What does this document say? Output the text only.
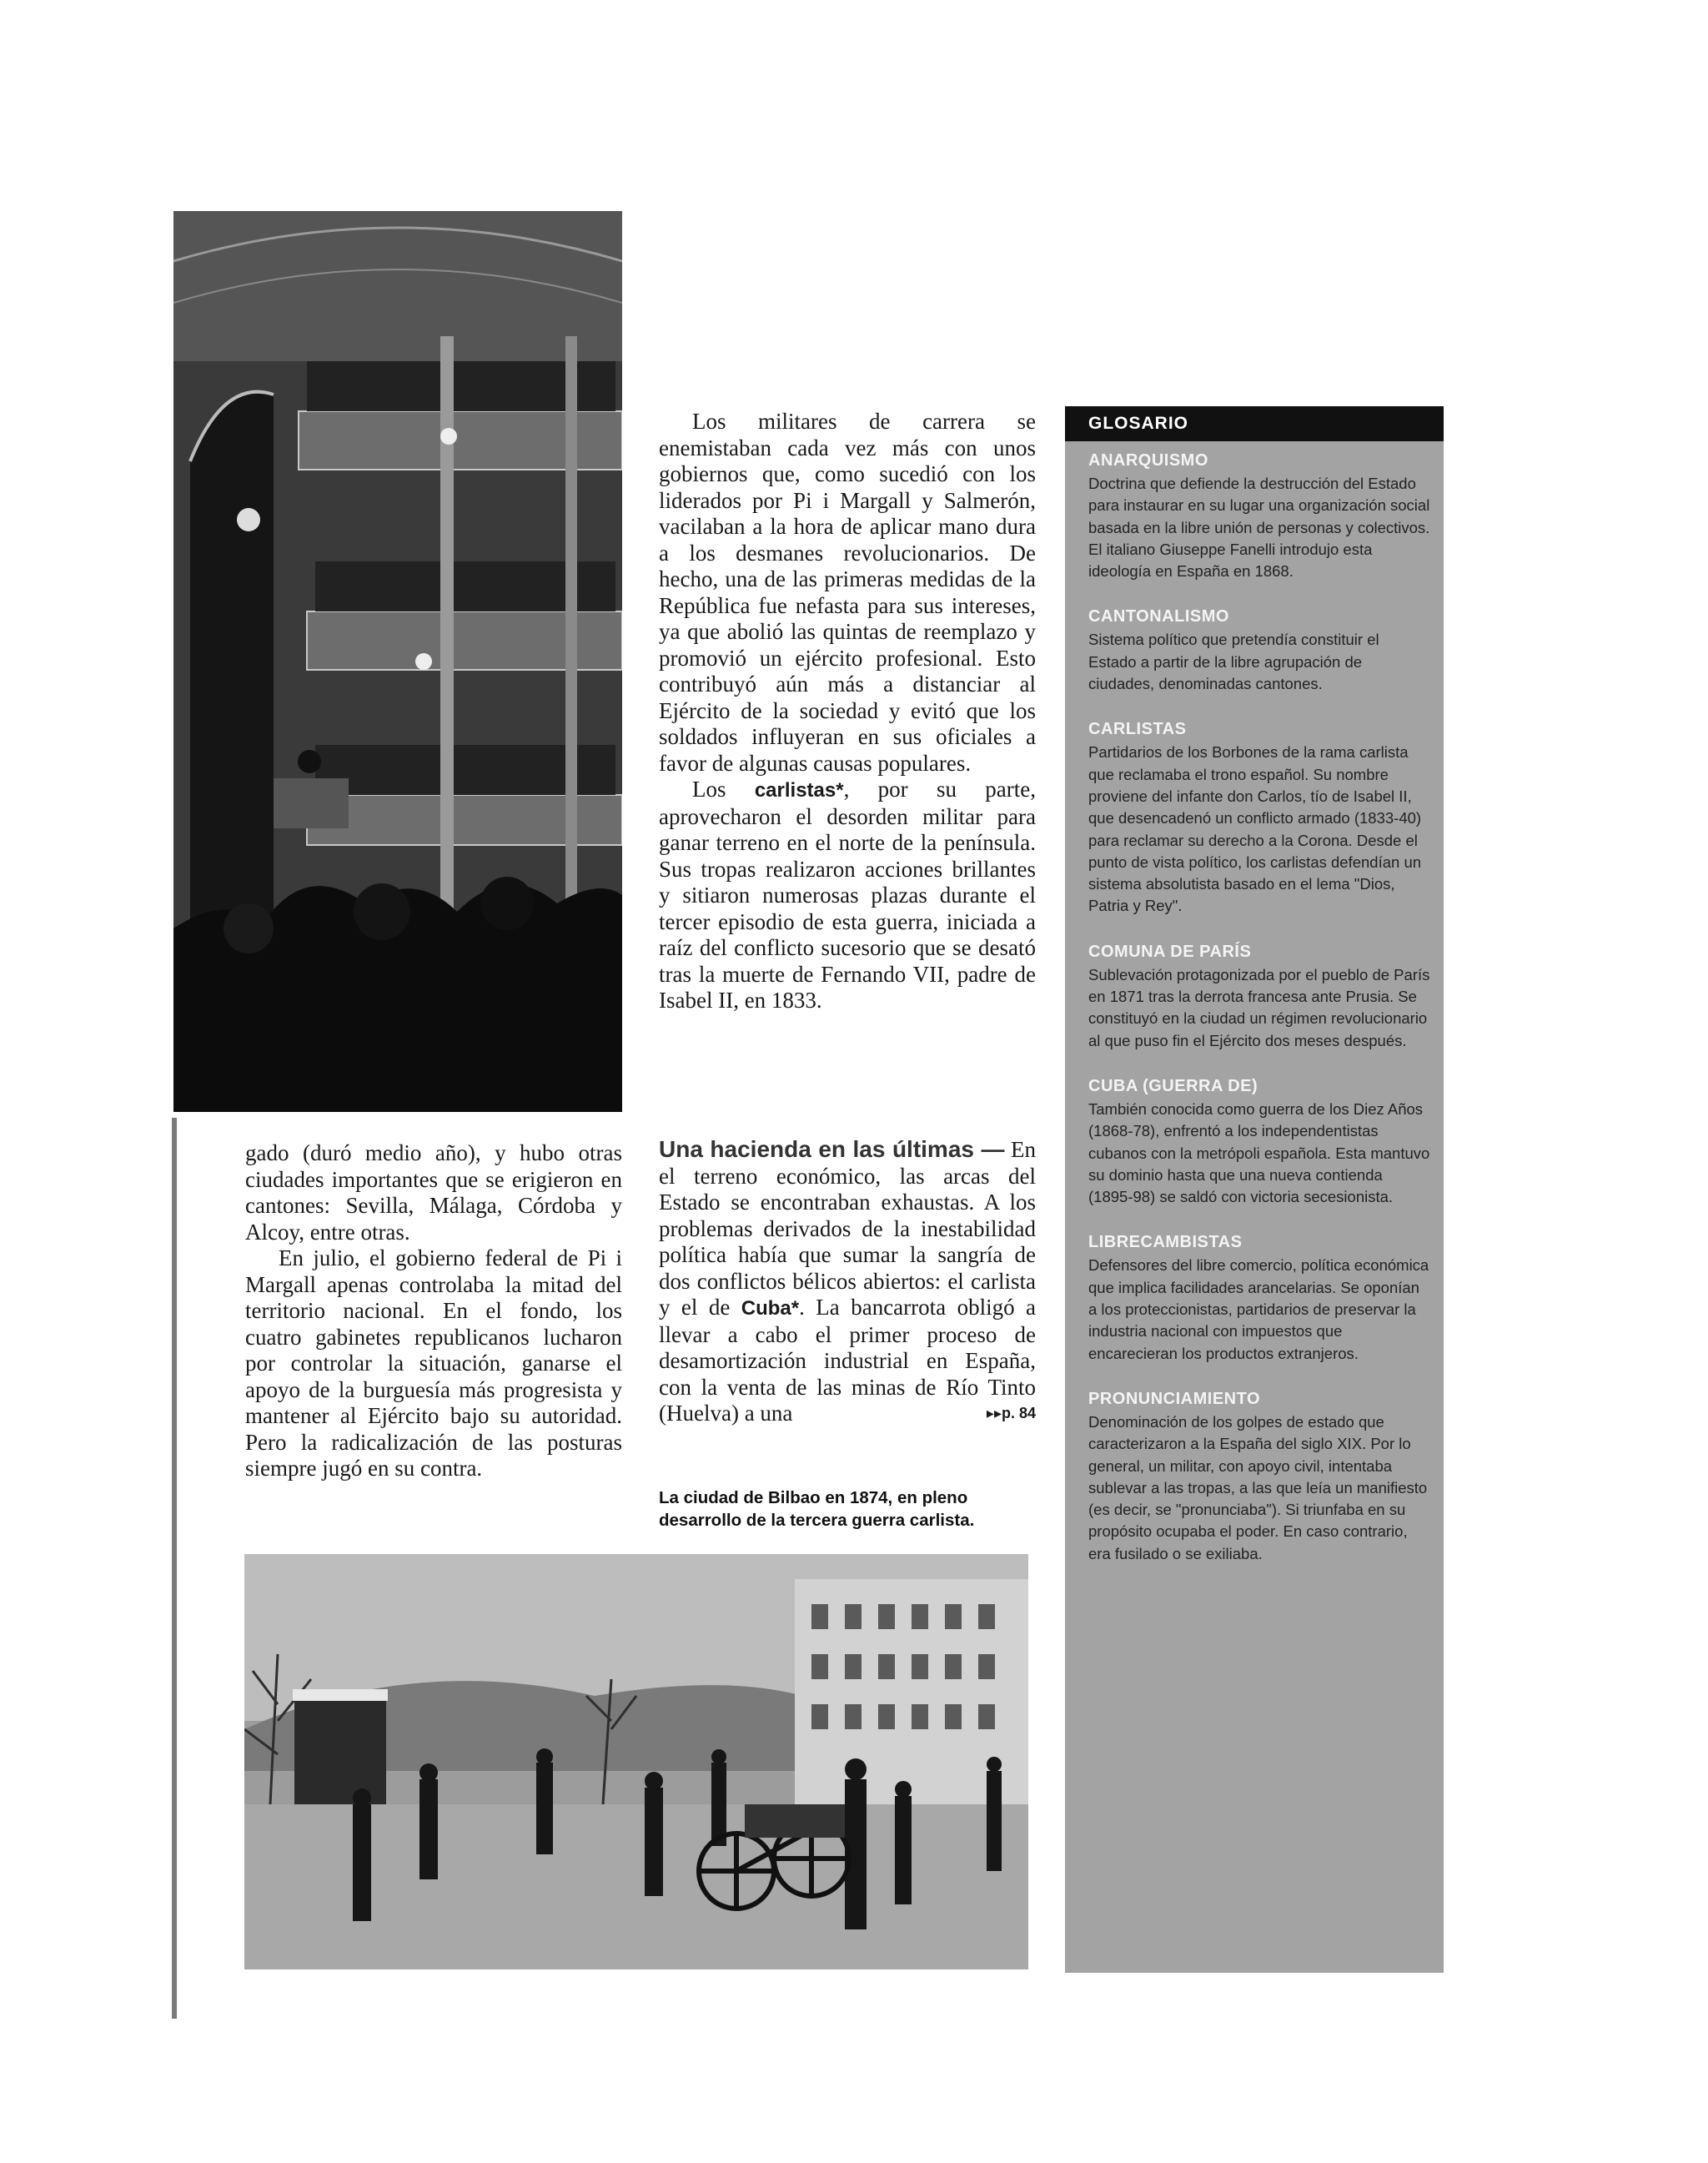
gado (duró medio año), y hubo otras ciudades importantes que se erigieron en cantones: Sevilla, Málaga, Córdoba y Alcoy, entre otras.

En julio, el gobierno federal de Pi i Margall apenas controlaba la mitad del territorio nacional. En el fondo, los cuatro gabinetes republicanos lucharon por controlar la situación, ganarse el apoyo de la burguesía más progresista y mantener al Ejército bajo su autoridad. Pero la radicalización de las posturas siempre jugó en su contra.

Los militares de carrera se enemistaban cada vez más con unos gobiernos que, como sucedió con los liderados por Pi i Margall y Salmerón, vacilaban a la hora de aplicar mano dura a los desmanes revolucionarios. De hecho, una de las primeras medidas de la República fue nefasta para sus intereses, ya que abolió las quintas de reemplazo y promovió un ejército profesional. Esto contribuyó aún más a distanciar al Ejército de la sociedad y evitó que los soldados influyeran en sus oficiales a favor de algunas causas populares.

Los carlistas*, por su parte, aprovecharon el desorden militar para ganar terreno en el norte de la península. Sus tropas realizaron acciones brillantes y sitiaron numerosas plazas durante el tercer episodio de esta guerra, iniciada a raíz del conflicto sucesorio que se desató tras la muerte de Fernando VII, padre de Isabel II, en 1833.

Una hacienda en las últimas — En el terreno económico, las arcas del Estado se encontraban exhaustas. A los problemas derivados de la inestabilidad política había que sumar la sangría de dos conflictos bélicos abiertos: el carlista y el de Cuba*. La bancarrota obligó a llevar a cabo el primer proceso de desamortización industrial en España, con la venta de las minas de Río Tinto (Huelva) a una	▸▸p. 84

La ciudad de Bilbao en 1874, en pleno desarrollo de la tercera guerra carlista.
GLOSARIO

ANARQUISMO

Doctrina que defiende la destrucción del Estado para instaurar en su lugar una organización social basada en la libre unión de personas y colectivos. El italiano Giuseppe Fanelli introdujo esta ideología en España en 1868.

CANTONALISMO

Sistema político que pretendía constituir el Estado a partir de la libre agrupación de ciudades, denominadas cantones.

CARLISTAS

Partidarios de los Borbones de la rama carlista que reclamaba el trono español. Su nombre proviene del infante don Carlos, tío de Isabel II, que desencadenó un conflicto armado (1833-40) para reclamar su derecho a la Corona. Desde el punto de vista político, los carlistas defendían un sistema absolutista basado en el lema "Dios, Patria y Rey".

COMUNA DE PARÍS

Sublevación protagonizada por el pueblo de París en 1871 tras la derrota francesa ante Prusia. Se constituyó en la ciudad un régimen revolucionario al que puso fin el Ejército dos meses después.

CUBA (GUERRA DE)

También conocida como guerra de los Diez Años (1868-78), enfrentó a los independentistas cubanos con la metrópoli española. Esta mantuvo su dominio hasta que una nueva contienda (1895-98) se saldó con victoria secesionista.

LIBRECAMBISTAS

Defensores del libre comercio, política económica que implica facilidades arancelarias. Se oponían a los proteccionistas, partidarios de preservar la industria nacional con impuestos que encarecieran los productos extranjeros.

PRONUNCIAMIENTO

Denominación de los golpes de estado que caracterizaron a la España del siglo XIX. Por lo general, un militar, con apoyo civil, intentaba sublevar a las tropas, a las que leía un manifiesto (es decir, se "pronunciaba"). Si triunfaba en su propósito ocupaba el poder. En caso contrario, era fusilado o se exiliaba.
